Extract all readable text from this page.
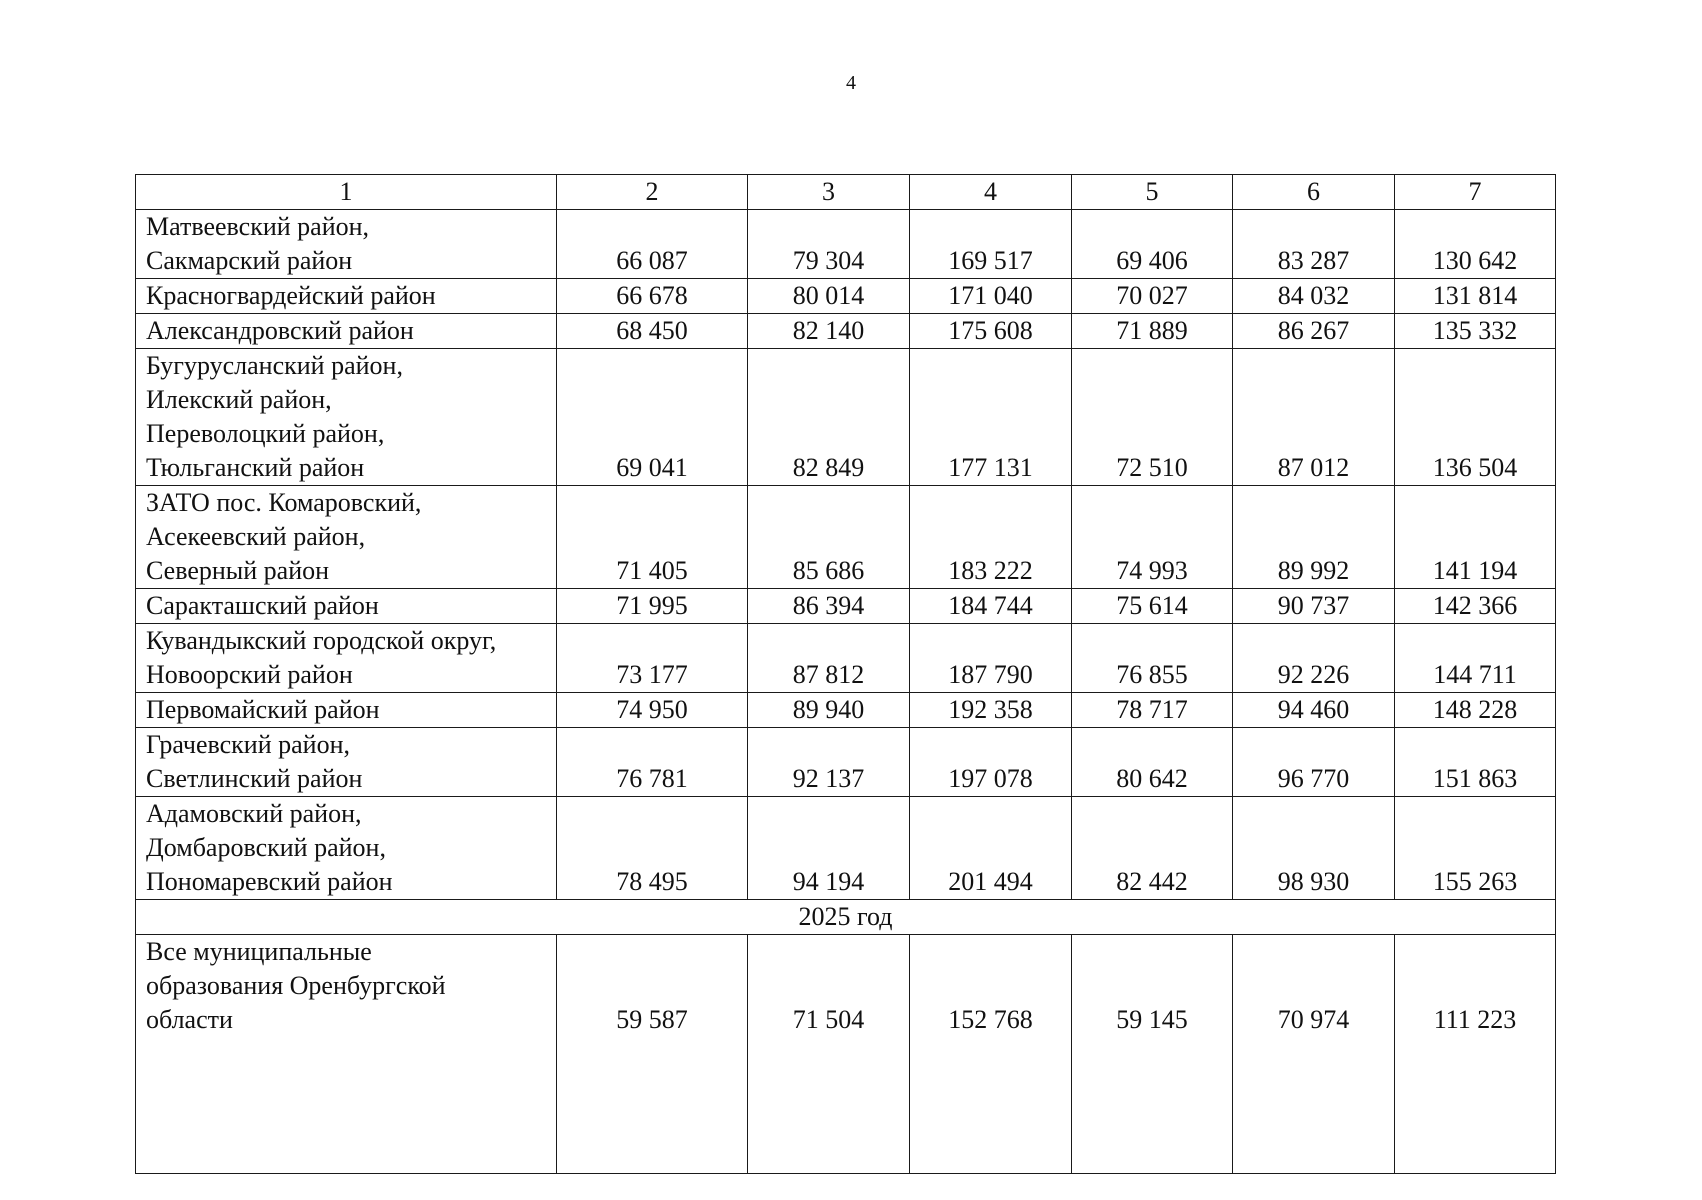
4
1	2	3	4	5	6	7

Матвеевский район,
Сакмарский район	66 087	79 304	169 517	69 406	83 287	130 642

Красногвардейский район	66 678	80 014	171 040	70 027	84 032	131 814

Александровский район	68 450	82 140	175 608	71 889	86 267	135 332

Бугурусланский район,
Илекский район,
Переволоцкий район,
Тюльганский район	69 041	82 849	177 131	72 510	87 012	136 504

ЗАТО пос. Комаровский,
Асекеевский район,
Северный район	71 405	85 686	183 222	74 993	89 992	141 194

Саракташский район	71 995	86 394	184 744	75 614	90 737	142 366

Кувандыкский городской округ,
Новоорский район	73 177	87 812	187 790	76 855	92 226	144 711

Первомайский район	74 950	89 940	192 358	78 717	94 460	148 228

Грачевский район,
Светлинский район	76 781	92 137	197 078	80 642	96 770	151 863

Адамовский район,
Домбаровский район,
Пономаревский район	78 495	94 194	201 494	82 442	98 930	155 263
2025 год						

Все муниципальные
образования Оренбургской
области	59 587	71 504	152 768	59 145	70 974	111 223
